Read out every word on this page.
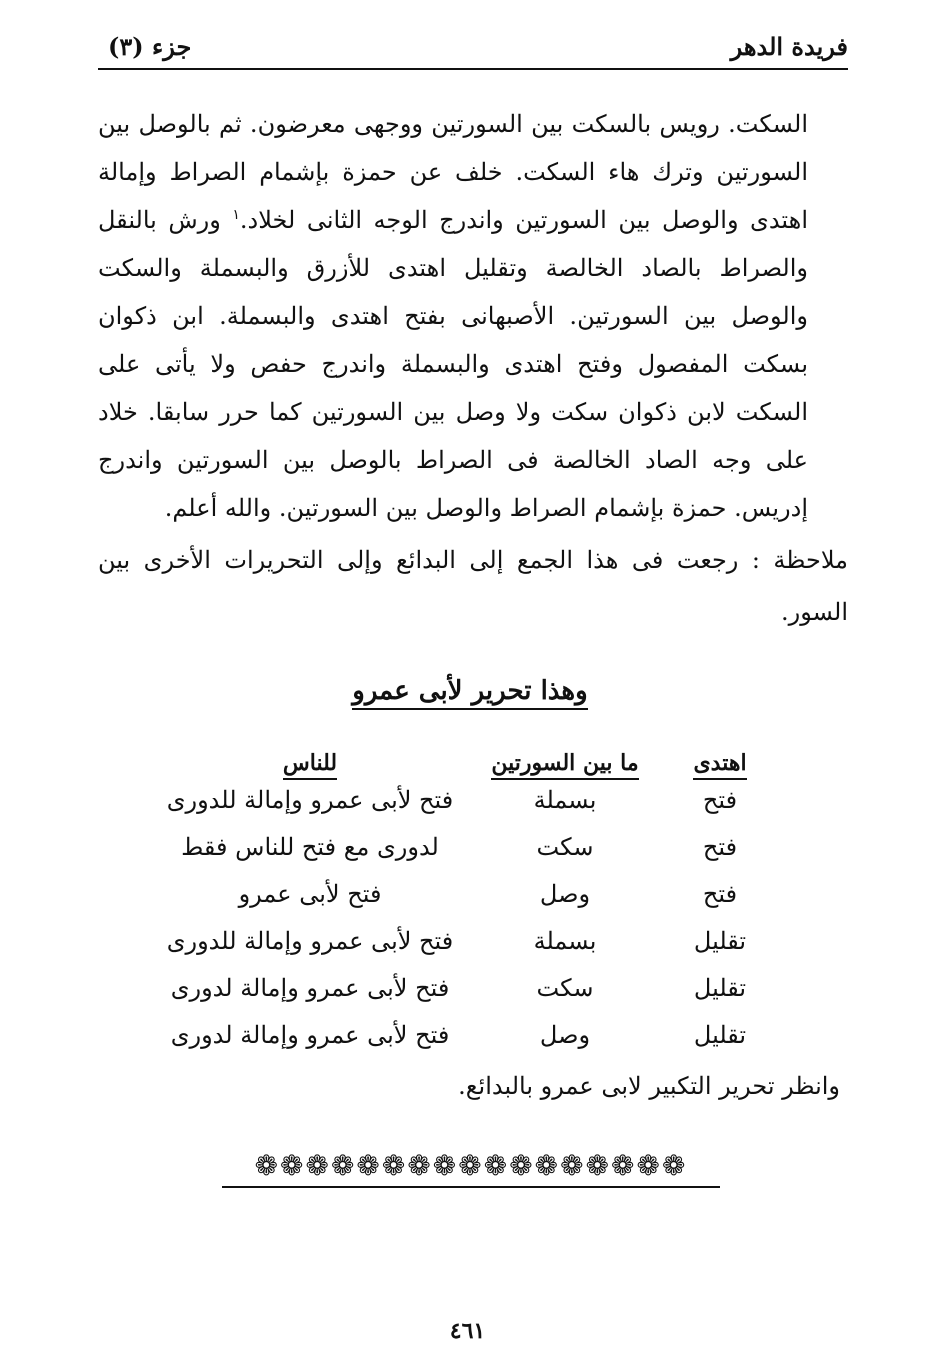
فريدة الدهر
جزء (٣)

السكت. رويس بالسكت بين السورتين ووجهى معرضون. ثم بالوصل بين السورتين وترك هاء السكت. خلف عن حمزة بإشمام الصراط وإمالة اهتدى والوصل بين السورتين واندرج الوجه الثانى لخلاد.$^١$ ورش بالنقل والصراط بالصاد الخالصة وتقليل اهتدى للأزرق والبسملة والسكت والوصل بين السورتين. الأصبهانى بفتح اهتدى والبسملة. ابن ذكوان بسكت المفصول وفتح اهتدى والبسملة واندرج حفص ولا يأتى على السكت لابن ذكوان سكت ولا وصل بين السورتين كما حرر سابقا. خلاد على وجه الصاد الخالصة فى الصراط بالوصل بين السورتين واندرج إدريس. حمزة بإشمام الصراط والوصل بين السورتين. والله أعلم.

ملاحظة : رجعت فى هذا الجمع إلى البدائع وإلى التحريرات الأخرى بين السور.

وهذا تحرير لأبى عمرو
اهتدى	ما بين السورتين	للناس
فتح	بسملة	فتح لأبى عمرو وإمالة للدورى
فتح	سكت	لدورى مع فتح للناس فقط
فتح	وصل	فتح لأبى عمرو
تقليل	بسملة	فتح لأبى عمرو وإمالة للدورى
تقليل	سكت	فتح لأبى عمرو وإمالة لدورى
تقليل	وصل	فتح لأبى عمرو وإمالة لدورى

وانظر تحرير التكبير لابى عمرو بالبدائع.

❁❁❁❁❁❁❁❁❁❁❁❁❁❁❁❁❁
٤٦١
